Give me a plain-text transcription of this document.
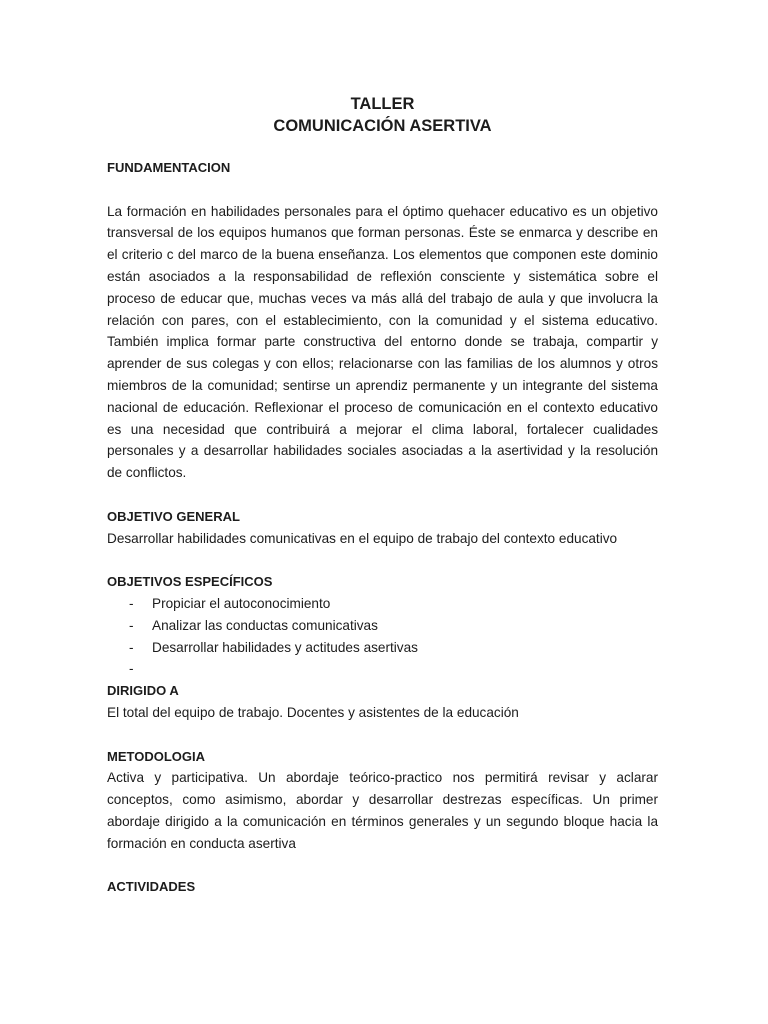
TALLER

COMUNICACIÓN ASERTIVA

FUNDAMENTACION

La formación en habilidades personales para el óptimo quehacer educativo es un objetivo transversal de los equipos humanos que forman personas. Éste se enmarca y describe en el criterio c del marco de la buena enseñanza. Los elementos que componen este dominio están asociados a la responsabilidad de reflexión consciente y sistemática sobre el proceso de educar que, muchas veces va más allá del trabajo de aula y que involucra la relación con pares, con el establecimiento, con la comunidad y el sistema educativo. También implica formar parte constructiva del entorno donde se trabaja, compartir y aprender de sus colegas y con ellos; relacionarse con las familias de los alumnos y otros miembros de la comunidad; sentirse un aprendiz permanente y un integrante del sistema nacional de educación. Reflexionar el proceso de comunicación en el contexto educativo es una necesidad que contribuirá a mejorar el clima laboral, fortalecer cualidades personales y a desarrollar habilidades sociales asociadas a la asertividad y la resolución de conflictos.

OBJETIVO GENERAL

Desarrollar habilidades comunicativas en el equipo de trabajo del contexto educativo

OBJETIVOS ESPECÍFICOS

- Propiciar el autoconocimiento
- Analizar las conductas comunicativas
- Desarrollar habilidades y actitudes asertivas
-

DIRIGIDO A

El total del equipo de trabajo. Docentes y asistentes de la educación

METODOLOGIA

Activa y participativa. Un abordaje teórico-practico nos permitirá revisar y aclarar conceptos, como asimismo, abordar y desarrollar destrezas específicas. Un primer abordaje dirigido a la comunicación en términos generales y un segundo bloque hacia la formación en conducta asertiva

ACTIVIDADES
